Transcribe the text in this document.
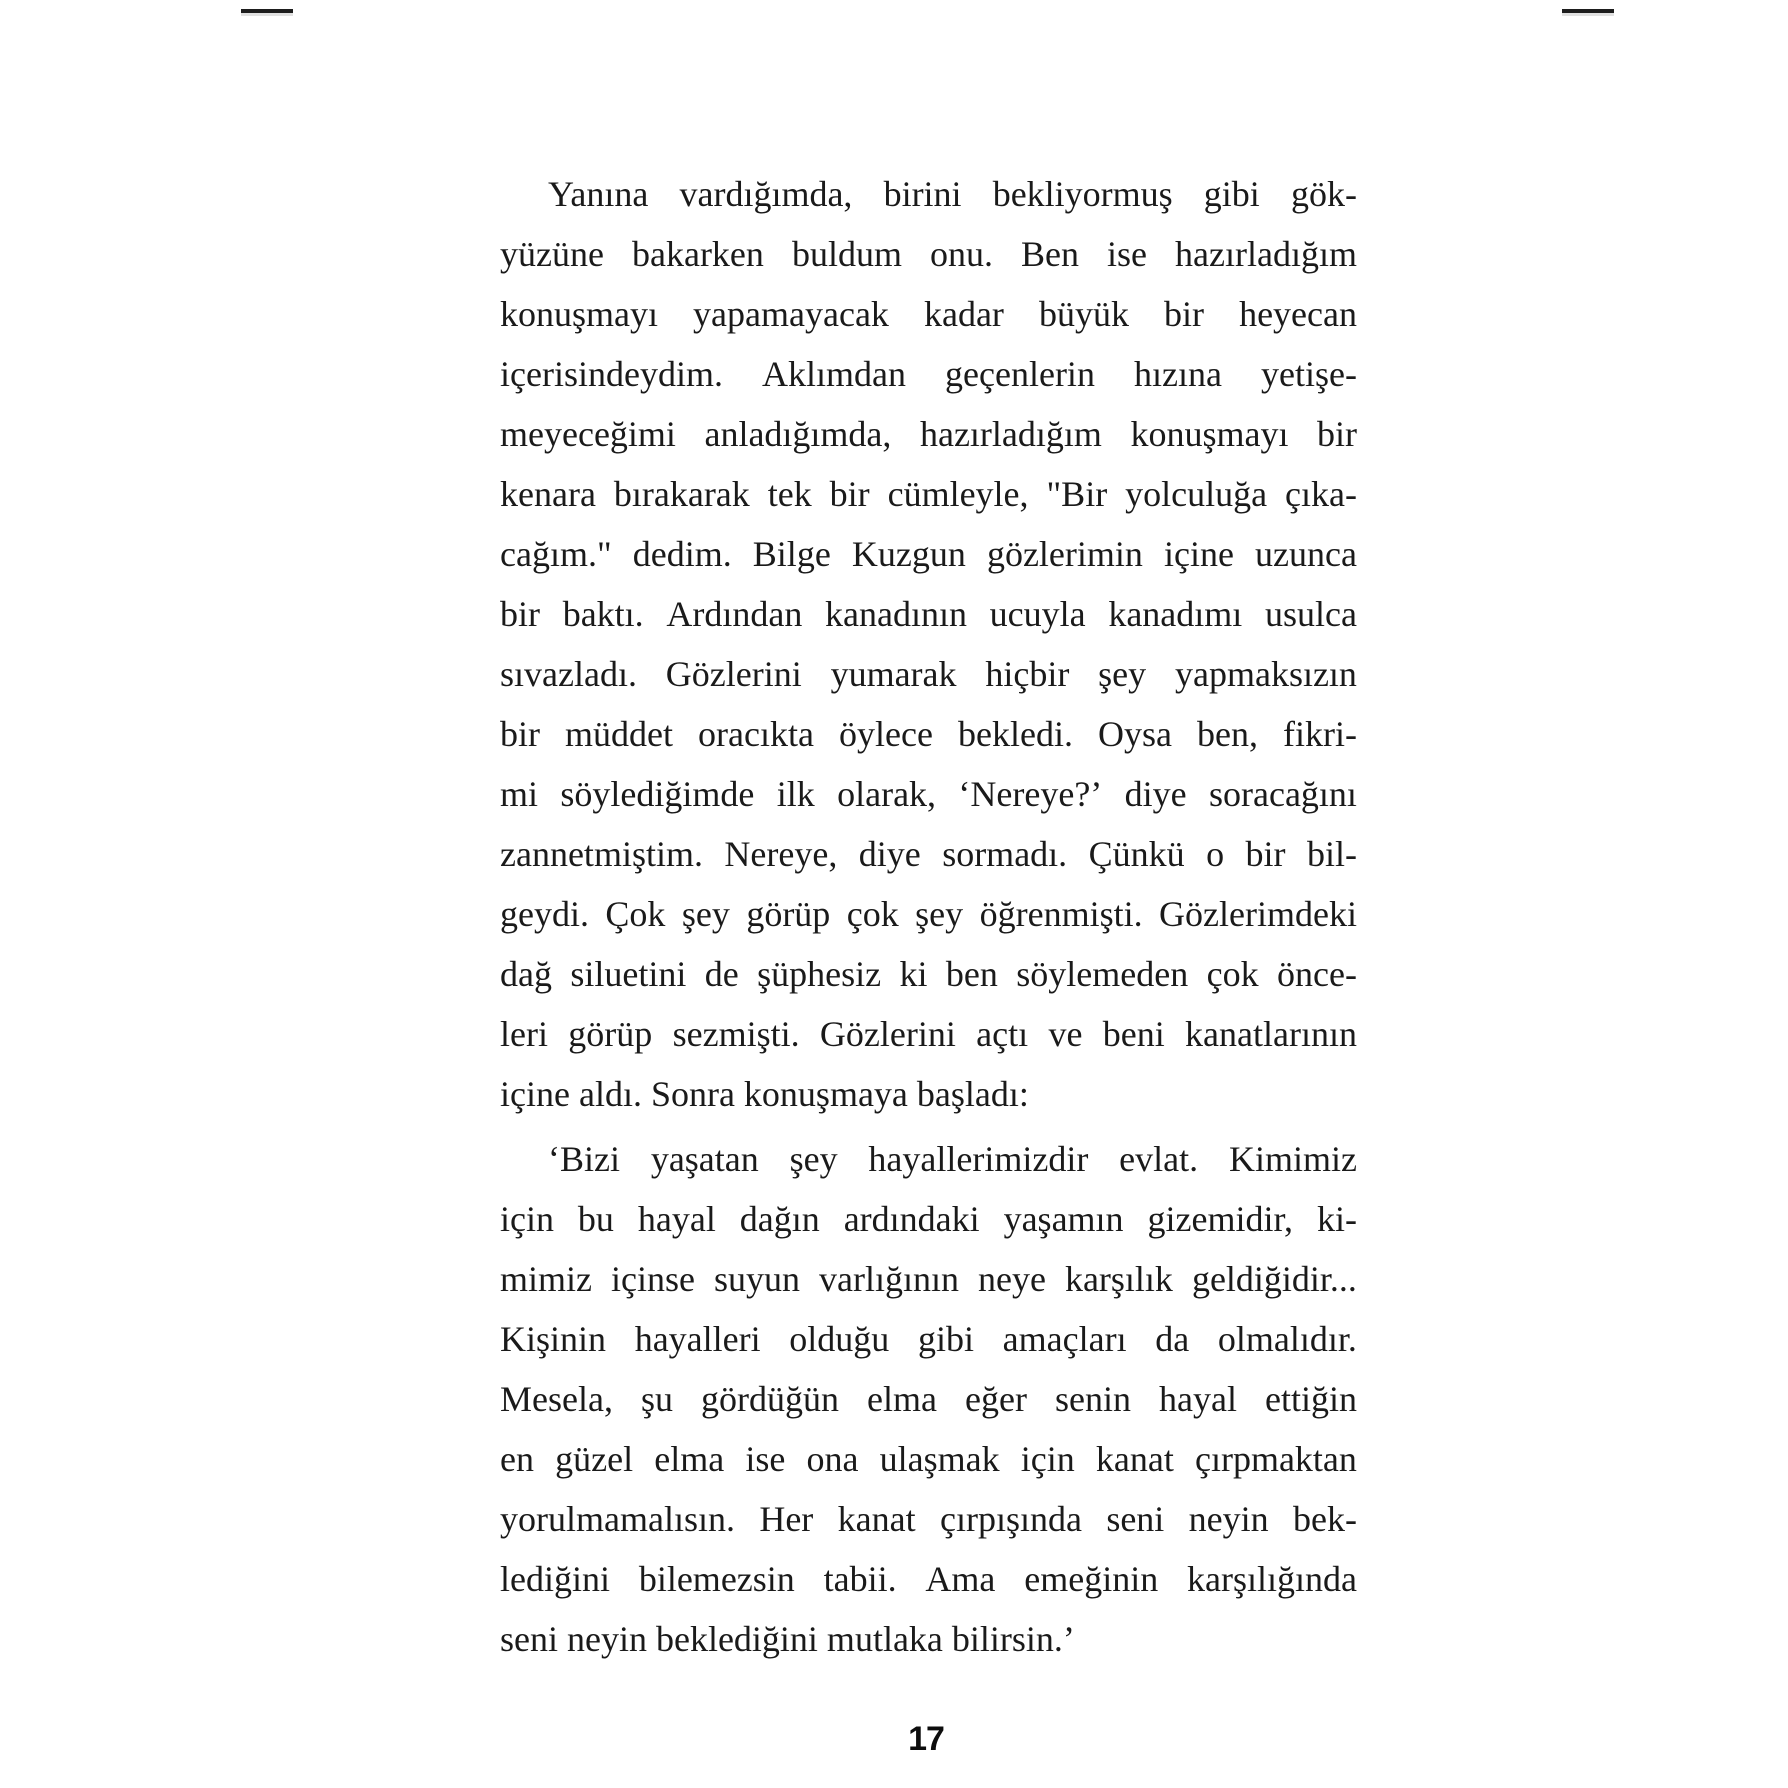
Yanına vardığımda, birini bekliyormuş gibi gök-
yüzüne bakarken buldum onu. Ben ise hazırladığım
konuşmayı yapamayacak kadar büyük bir heyecan
içerisindeydim. Aklımdan geçenlerin hızına yetişe-
meyeceğimi anladığımda, hazırladığım konuşmayı bir
kenara bırakarak tek bir cümleyle, "Bir yolculuğa çıka-
cağım." dedim. Bilge Kuzgun gözlerimin içine uzunca
bir baktı. Ardından kanadının ucuyla kanadımı usulca
sıvazladı. Gözlerini yumarak hiçbir şey yapmaksızın
bir müddet oracıkta öylece bekledi. Oysa ben, fikri-
mi söylediğimde ilk olarak, ‘Nereye?’ diye soracağını
zannetmiştim. Nereye, diye sormadı. Çünkü o bir bil-
geydi. Çok şey görüp çok şey öğrenmişti. Gözlerimdeki
dağ siluetini de şüphesiz ki ben söylemeden çok önce-
leri görüp sezmişti. Gözlerini açtı ve beni kanatlarının
içine aldı. Sonra konuşmaya başladı:
‘Bizi yaşatan şey hayallerimizdir evlat. Kimimiz
için bu hayal dağın ardındaki yaşamın gizemidir, ki-
mimiz içinse suyun varlığının neye karşılık geldiğidir...
Kişinin hayalleri olduğu gibi amaçları da olmalıdır.
Mesela, şu gördüğün elma eğer senin hayal ettiğin
en güzel elma ise ona ulaşmak için kanat çırpmaktan
yorulmamalısın. Her kanat çırpışında seni neyin bek-
lediğini bilemezsin tabii. Ama emeğinin karşılığında
seni neyin beklediğini mutlaka bilirsin.’
17
